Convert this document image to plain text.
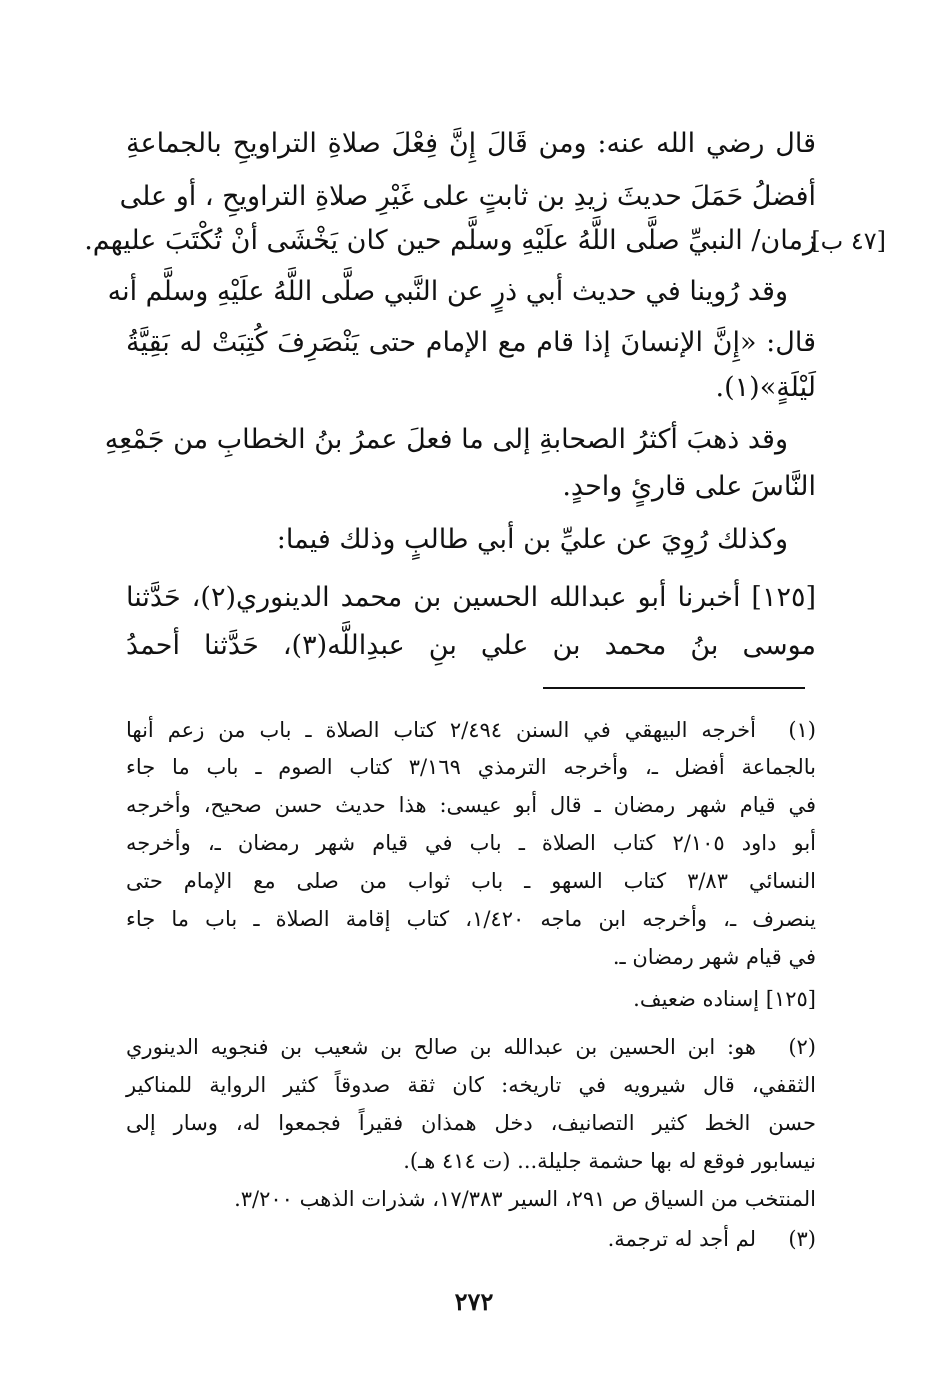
قال رضي الله عنه: ومن قَالَ إِنَّ فِعْلَ صلاةِ التراويحِ بالجماعةِ
أفضلُ حَمَلَ حديثَ زيدِ بن ثابتٍ على غَيْرِ صلاةِ التراويحِ ، أو على
زمان/ النبيِّ صلَّى اللَّهُ علَيْهِ وسلَّم حين كان يَخْشَى أنْ تُكْتَبَ عليهم.
وقد رُوينا في حديث أبي ذرٍ عن النَّبي صلَّى اللَّهُ علَيْهِ وسلَّم أنه
قال: «إِنَّ الإنسانَ إذا قام مع الإمام حتى يَنْصَرِفَ كُتِبَتْ له بَقِيَّةُ
لَيْلَةٍ»(١).
وقد ذهبَ أكثرُ الصحابةِ إلى ما فعلَ عمرُ بنُ الخطابِ من جَمْعِهِ
النَّاسَ على قارئٍ واحدٍ.
وكذلك رُوِيَ عن عليِّ بن أبي طالبٍ وذلك فيما:
[١٢٥] أخبرنا أبو عبدالله الحسين بن محمد الدينوري(٢)، حَدَّثنا
موسى بنُ محمد بن علي بنِ عبدِاللَّه(٣)، حَدَّثنا أحمدُ
[٤٧ ب]
(١)
أخرجه البيهقي في السنن ٢/٤٩٤ كتاب الصلاة ـ باب من زعم أنها
بالجماعة أفضل ـ، وأخرجه الترمذي ٣/١٦٩ كتاب الصوم ـ باب ما جاء
في قيام شهر رمضان ـ قال أبو عيسى: هذا حديث حسن صحيح، وأخرجه
أبو داود ٢/١٠٥ كتاب الصلاة ـ باب في قيام شهر رمضان ـ، وأخرجه
النسائي ٣/٨٣ كتاب السهو ـ باب ثواب من صلى مع الإمام حتى
ينصرف ـ، وأخرجه ابن ماجه ١/٤٢٠، كتاب إقامة الصلاة ـ باب ما جاء
في قيام شهر رمضان ـ.
[١٢٥] إسناده ضعيف.
(٢)
هو: ابن الحسين بن عبدالله بن صالح بن شعيب بن فنجويه الدينوري
الثقفي، قال شيرويه في تاريخه: كان ثقة صدوقاً كثير الرواية للمناكير
حسن الخط كثير التصانيف، دخل همذان فقيراً فجمعوا له، وسار إلى
نيسابور فوقع له بها حشمة جليلة... (ت ٤١٤ هـ).
المنتخب من السياق ص ٢٩١، السير ١٧/٣٨٣، شذرات الذهب ٣/٢٠٠.
(٣)
لم أجد له ترجمة.
٢٧٢
